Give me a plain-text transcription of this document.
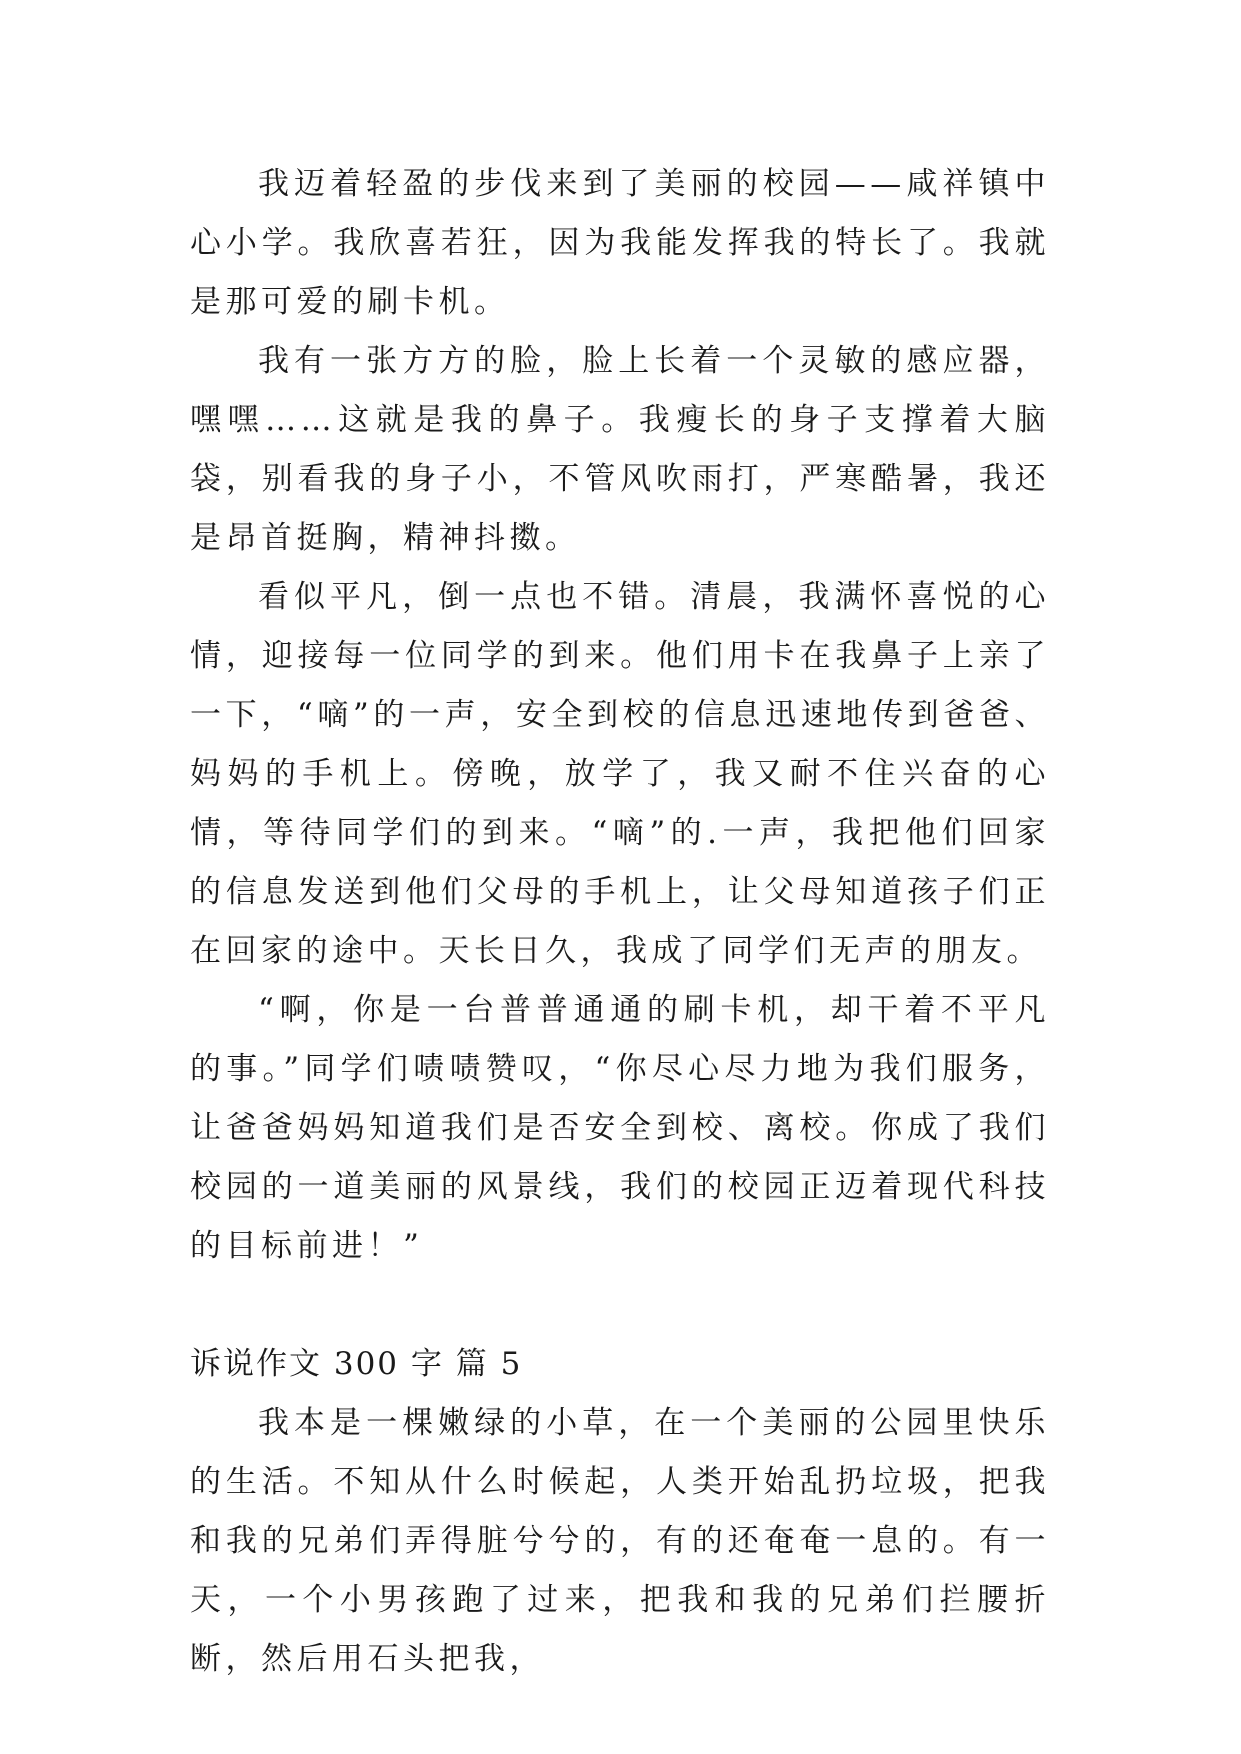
我迈着轻盈的步伐来到了美丽的校园——咸祥镇中心小学。我欣喜若狂，因为我能发挥我的特长了。我就是那可爱的刷卡机。

我有一张方方的脸，脸上长着一个灵敏的感应器，嘿嘿……这就是我的鼻子。我瘦长的身子支撑着大脑袋，别看我的身子小，不管风吹雨打，严寒酷暑，我还是昂首挺胸，精神抖擞。

看似平凡，倒一点也不错。清晨，我满怀喜悦的心情，迎接每一位同学的到来。他们用卡在我鼻子上亲了一下，“嘀”的一声，安全到校的信息迅速地传到爸爸、妈妈的手机上。傍晚，放学了，我又耐不住兴奋的心情，等待同学们的到来。“嘀”的.一声，我把他们回家的信息发送到他们父母的手机上，让父母知道孩子们正在回家的途中。天长日久，我成了同学们无声的朋友。

“啊，你是一台普普通通的刷卡机，却干着不平凡的事。”同学们啧啧赞叹，“你尽心尽力地为我们服务，让爸爸妈妈知道我们是否安全到校、离校。你成了我们校园的一道美丽的风景线，我们的校园正迈着现代科技的目标前进！”

诉说作文 300 字 篇 5

我本是一棵嫩绿的小草，在一个美丽的公园里快乐的生活。不知从什么时候起，人类开始乱扔垃圾，把我和我的兄弟们弄得脏兮兮的，有的还奄奄一息的。有一天，一个小男孩跑了过来，把我和我的兄弟们拦腰折断，然后用石头把我，
